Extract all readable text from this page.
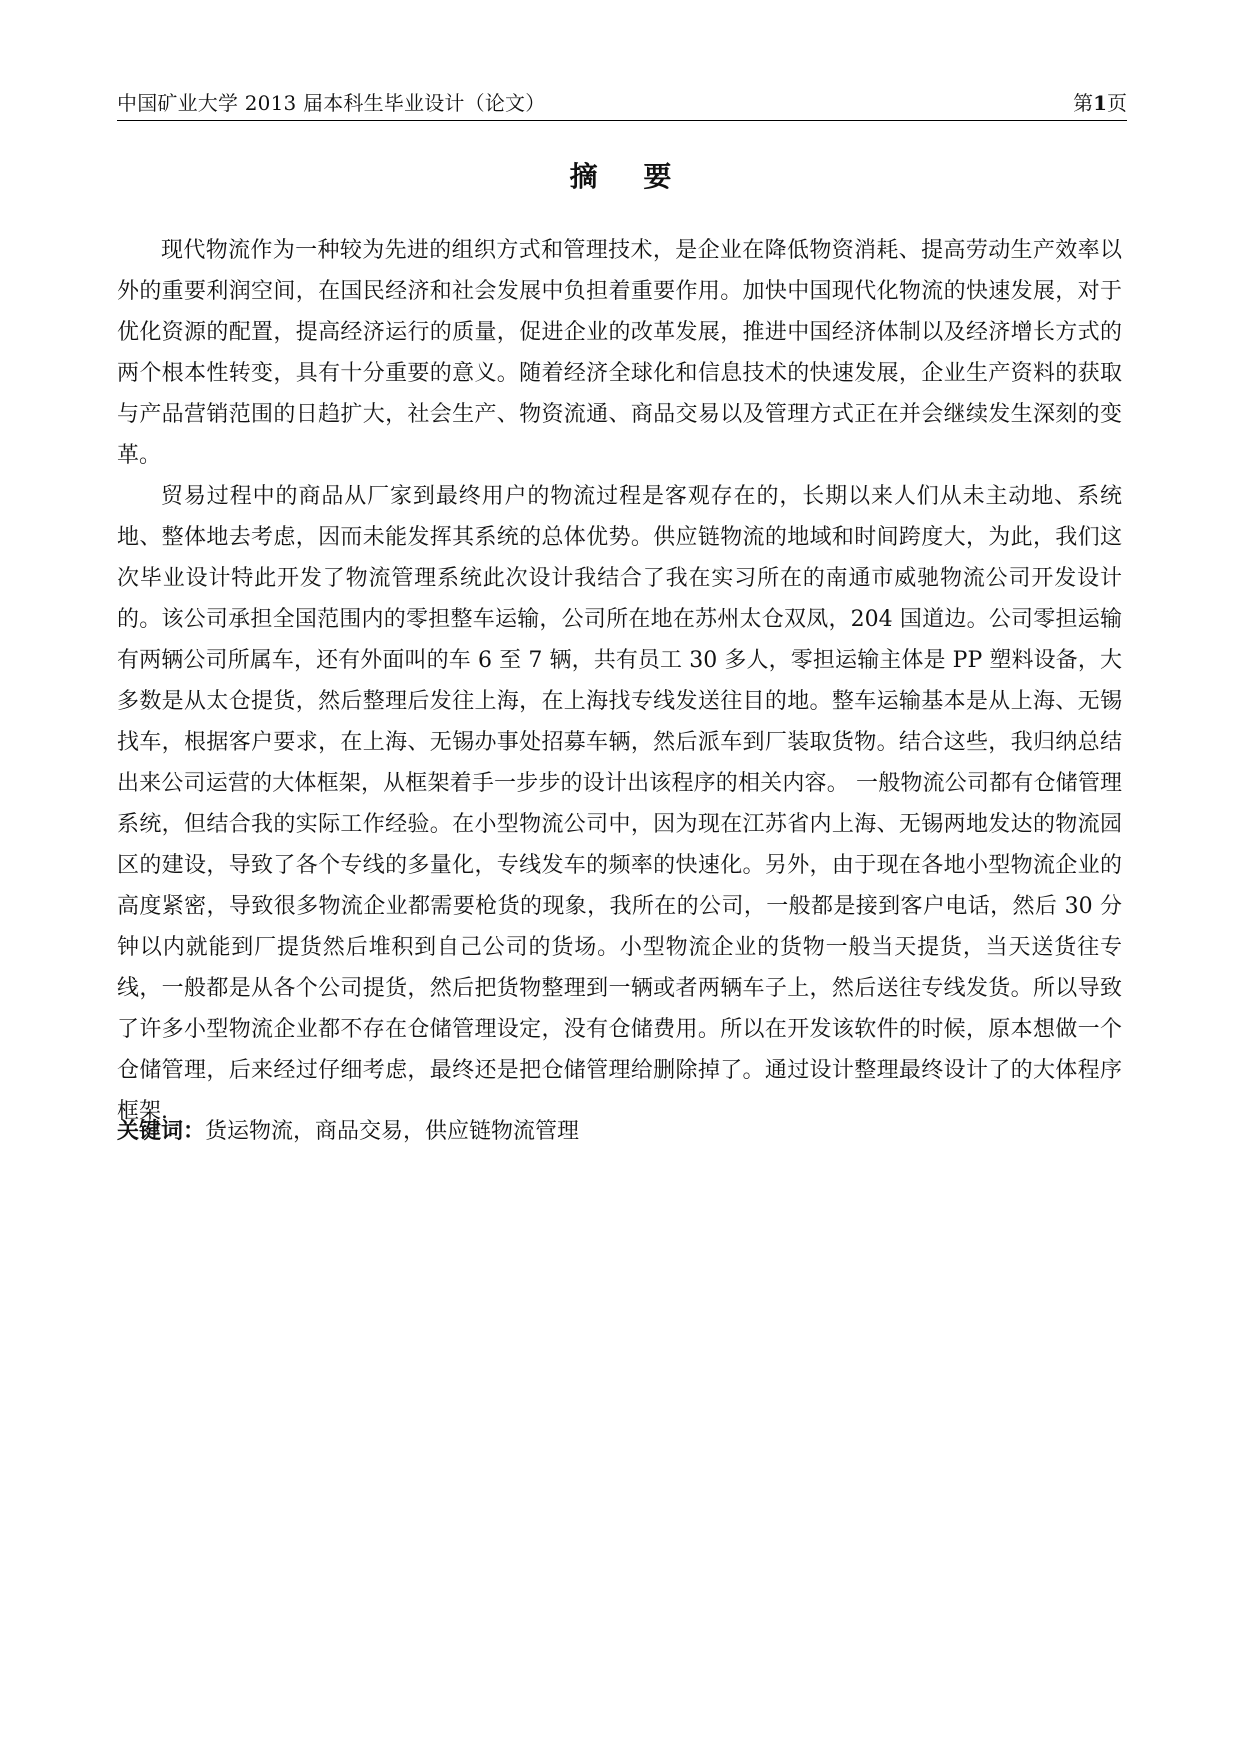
中国矿业大学 2013 届本科生毕业设计（论文）	第1页
摘 要

现代物流作为一种较为先进的组织方式和管理技术，是企业在降低物资消耗、提高劳动生产效率以外的重要利润空间，在国民经济和社会发展中负担着重要作用。加快中国现代化物流的快速发展，对于优化资源的配置，提高经济运行的质量，促进企业的改革发展，推进中国经济体制以及经济增长方式的两个根本性转变，具有十分重要的意义。随着经济全球化和信息技术的快速发展，企业生产资料的获取与产品营销范围的日趋扩大，社会生产、物资流通、商品交易以及管理方式正在并会继续发生深刻的变革。

贸易过程中的商品从厂家到最终用户的物流过程是客观存在的，长期以来人们从未主动地、系统地、整体地去考虑，因而未能发挥其系统的总体优势。供应链物流的地域和时间跨度大，为此，我们这次毕业设计特此开发了物流管理系统此次设计我结合了我在实习所在的南通市威驰物流公司开发设计的。该公司承担全国范围内的零担整车运输，公司所在地在苏州太仓双凤，204 国道边。公司零担运输有两辆公司所属车，还有外面叫的车 6 至 7 辆，共有员工 30 多人，零担运输主体是 PP 塑料设备，大多数是从太仓提货，然后整理后发往上海，在上海找专线发送往目的地。整车运输基本是从上海、无锡找车，根据客户要求，在上海、无锡办事处招募车辆，然后派车到厂装取货物。结合这些，我归纳总结出来公司运营的大体框架，从框架着手一步步的设计出该程序的相关内容。 一般物流公司都有仓储管理系统，但结合我的实际工作经验。在小型物流公司中，因为现在江苏省内上海、无锡两地发达的物流园区的建设，导致了各个专线的多量化，专线发车的频率的快速化。另外，由于现在各地小型物流企业的高度紧密，导致很多物流企业都需要枪货的现象，我所在的公司，一般都是接到客户电话，然后 30 分钟以内就能到厂提货然后堆积到自己公司的货场。小型物流企业的货物一般当天提货，当天送货往专线，一般都是从各个公司提货，然后把货物整理到一辆或者两辆车子上，然后送往专线发货。所以导致了许多小型物流企业都不存在仓储管理设定，没有仓储费用。所以在开发该软件的时候，原本想做一个仓储管理，后来经过仔细考虑，最终还是把仓储管理给删除掉了。通过设计整理最终设计了的大体程序框架.

关键词：货运物流，商品交易，供应链物流管理
